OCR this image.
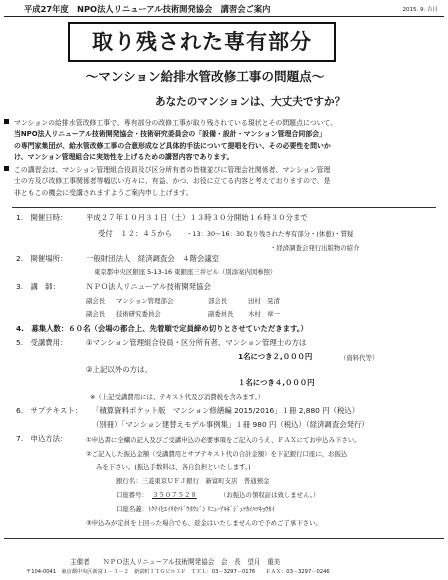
平成27年度　NPO法人リニューアル技術開発協会　講習会ご案内	2015. 9. 吉日
取り残された専有部分
～マンション給排水管改修工事の問題点～
あなたのマンションは、大丈夫ですか？
マンションの給排水管改修工事で、専有部分の改修工事が取り残されている現状とその問題点について、
当NPO法人リニューアル技術開発協会・技術研究委員会の「設備・設計・マンション管理合同部会」
の専門家集団が、給水管改修工事の合意形成など具体的手法について提唱を行い、その必要性を問いか
け、マンション管理組合に実効性を上げるための講習内容であります。
この講習会は、マンション管理組合役員及び区分所有者の皆様並びに管理会社関係者、マンション管理
士の方及び改修工事関係者等幅広い方々に、有益、かつ、お役に立てる内容と考えておりますので、是
非ともこの機会に受講されますようご案内申し上げます。
1.　開催日時：	平成２７年１０月３１日（土）１３時３０分開始１６時３０分まで
受付　１２：４５から ・13：30～16：30 取り残された専有部分・(体憩)・質疑
・経済調査会発行出版物の紹介
2.　開催場所：	一般財団法人　経済調査会　４階会議室
東京都中央区銀座 5-13-16 東銀座三井ビル（別添案内図参照）
3.　講　師：	ＮＰＯ法人リニューアル技術開発協会
副会長 マンション管理部会	部会長	田村　晃清
副会長 技術研究委員会	副委員長 木村　章一
4.　募集人数：６０名（会場の都合上、先着順で定員締め切りとさせていただきます。）
5.　受講費用：	①マンション管理組合役員・区分所有者、マンション管理士の方は
1名につき２,０００円	（資料代等）
②上記以外の方は、
１名につき４,０００円
※（上記受講費用には、テキスト代及び消費税を含みます。）
6.　サブテキスト： 「積算資料ポケット版　マンション修繕編 2015/2016」１冊 2,880 円（税込）
（別冊）「マンション建替えモデル事例集」１冊 980 円（税込）（経済調査会発行）
7.　申込方法：	①申込書に全欄の記入及びご受講申込の必要事項をご記入のうえ、ＦＡＸにてお申込み下さい。
②ご記入した振込金額（受講費用とサブテキスト代の合計金額）を下記銀行口座に、お振込
みを下さい。(振込手数料は、各自負担といたします。)
銀行名：三菱東京ＵＦＪ銀行　新富町支店　普通預金
口座番号： ３５０７５２８	（お振込の領収証は致しません。）
口座名義：ﾄｸﾃｲﾋｴｲﾘｶﾂﾄﾞｳﾎｳｼﾞﾝ ﾘﾆｭｰｱﾙｷﾞｼﾞｭﾂｶｲﾊﾂｷｮｳｶｲ
③申込みが定員を上回った場合でも、返金はいたしませんので予めご了承下さい。
主催者　　ＮＰＯ法人リニューアル技術開発協会　会　長　望月　重美
〒104-0041　東京都中央区新富１－３－２　新富町ＩＴＧビル３Ｆ　ＴＥＬ：03－3297－0176　　ＦＡＸ：03－3297－0246
